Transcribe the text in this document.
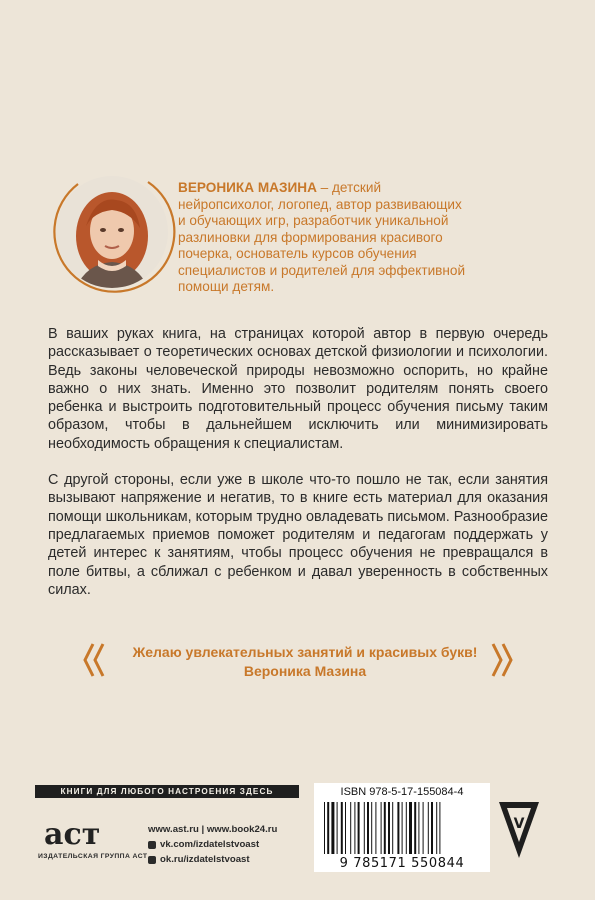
ВЕРОНИКА МАЗИНА – детский
нейропсихолог, логопед, автор развивающих
и обучающих игр, разработчик уникальной
разлиновки для формирования красивого
почерка, основатель курсов обучения
специалистов и родителей для эффективной
помощи детям.

В ваших руках книга, на страницах которой автор в первую очередь рассказывает о теоретических основах детской физиологии и психологии. Ведь законы человеческой природы невозможно оспорить, но крайне важно о них знать. Именно это позволит родителям понять своего ребенка и выстроить подготовительный процесс обучения письму таким образом, чтобы в дальнейшем исключить или минимизировать необходимость обращения к специалистам.

С другой стороны, если уже в школе что-то пошло не так, если занятия вызывают напряжение и негатив, то в книге есть материал для оказания помощи школьникам, которым трудно овладевать письмом. Разнообразие предлагаемых приемов поможет родителям и педагогам поддержать у детей интерес к занятиям, чтобы процесс обучения не превращался в поле битвы, а сближал с ребенком и давал уверенность в собственных силах.

Желаю увлекательных занятий и красивых букв!
Вероника Мазина
КНИГИ ДЛЯ ЛЮБОГО НАСТРОЕНИЯ ЗДЕСЬ
аст
ИЗДАТЕЛЬСКАЯ ГРУППА АСТ
www.ast.ru | www.book24.ru
vk.com/izdatelstvoast
ok.ru/izdatelstvoast
ISBN 978-5-17-155084-4
9 785171 550844
V
